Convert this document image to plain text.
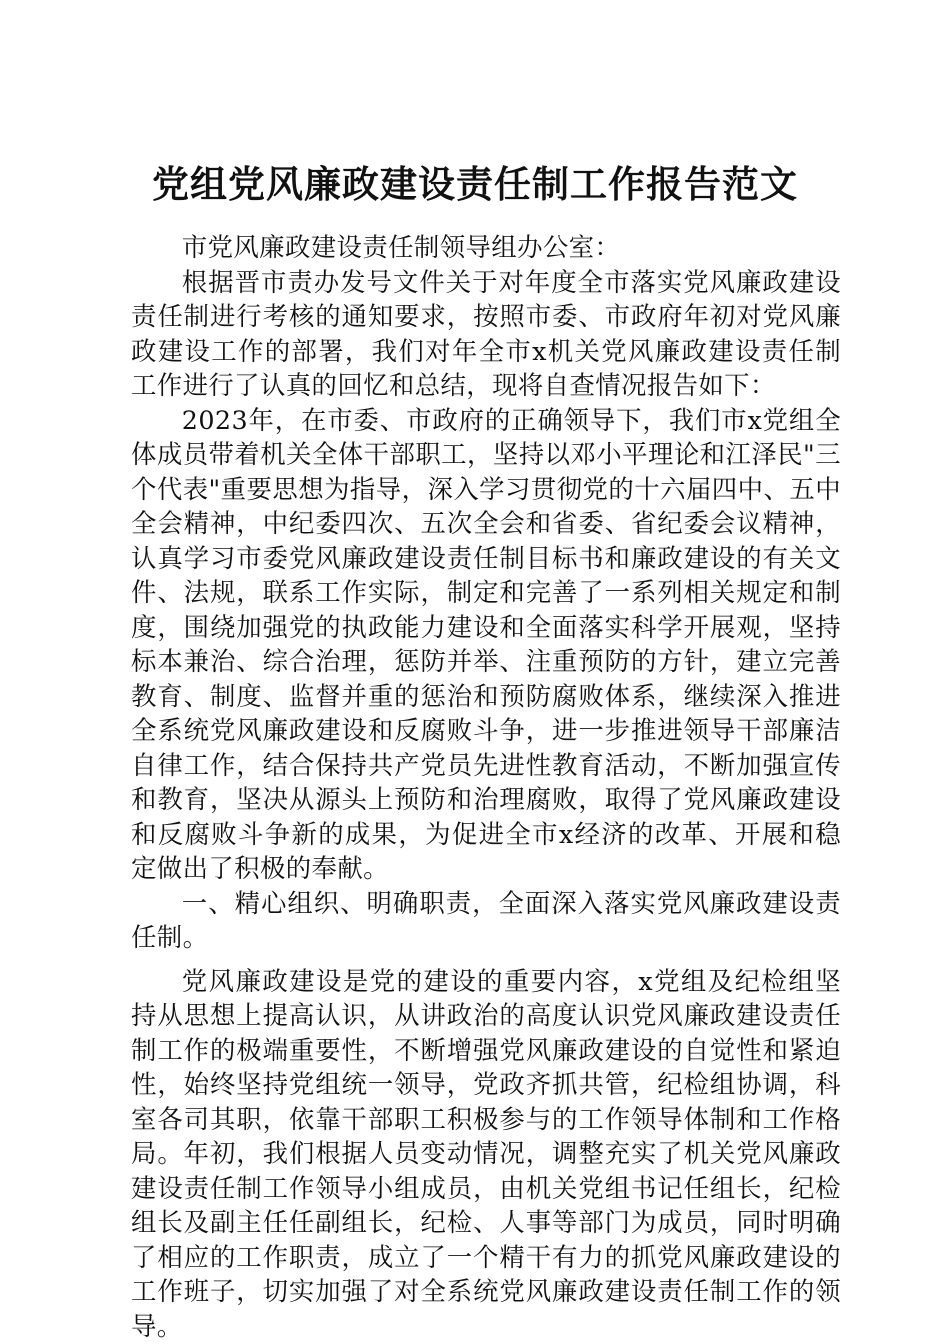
党组党风廉政建设责任制工作报告范文

市党风廉政建设责任制领导组办公室：

根据晋市责办发号文件关于对年度全市落实党风廉政建设责任制进行考核的通知要求，按照市委、市政府年初对党风廉政建设工作的部署，我们对年全市x机关党风廉政建设责任制工作进行了认真的回忆和总结，现将自查情况报告如下：

2023年，在市委、市政府的正确领导下，我们市x党组全体成员带着机关全体干部职工，坚持以邓小平理论和江泽民"三个代表"重要思想为指导，深入学习贯彻党的十六届四中、五中全会精神，中纪委四次、五次全会和省委、省纪委会议精神，认真学习市委党风廉政建设责任制目标书和廉政建设的有关文件、法规，联系工作实际，制定和完善了一系列相关规定和制度，围绕加强党的执政能力建设和全面落实科学开展观，坚持标本兼治、综合治理，惩防并举、注重预防的方针，建立完善教育、制度、监督并重的惩治和预防腐败体系，继续深入推进全系统党风廉政建设和反腐败斗争，进一步推进领导干部廉洁自律工作，结合保持共产党员先进性教育活动，不断加强宣传和教育，坚决从源头上预防和治理腐败，取得了党风廉政建设和反腐败斗争新的成果，为促进全市x经济的改革、开展和稳定做出了积极的奉献。

一、精心组织、明确职责，全面深入落实党风廉政建设责任制。

党风廉政建设是党的建设的重要内容，x党组及纪检组坚持从思想上提高认识，从讲政治的高度认识党风廉政建设责任制工作的极端重要性，不断增强党风廉政建设的自觉性和紧迫性，始终坚持党组统一领导，党政齐抓共管，纪检组协调，科室各司其职，依靠干部职工积极参与的工作领导体制和工作格局。年初，我们根据人员变动情况，调整充实了机关党风廉政建设责任制工作领导小组成员，由机关党组书记任组长，纪检组长及副主任任副组长，纪检、人事等部门为成员，同时明确了相应的工作职责，成立了一个精干有力的抓党风廉政建设的工作班子，切实加强了对全系统党风廉政建设责任制工作的领导。
